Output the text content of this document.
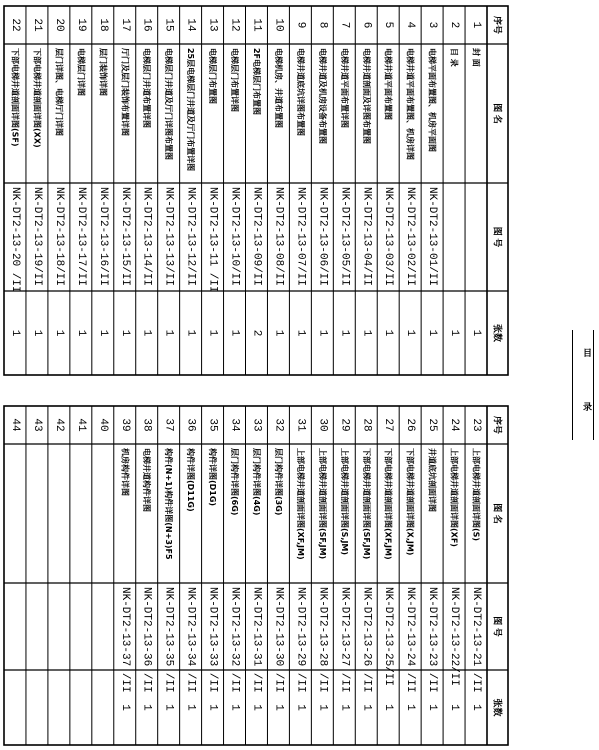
序号
图 名
图 号
张数
1
封 面
1
2
目 录
1
3
电梯平面布置图、机房平面图
NK-DT2-13-01/II
1
4
电梯井道平面布置图、机房详图
NK-DT2-13-02/II
1
5
电梯井道平面布置图
NK-DT2-13-03/II
1
6
电梯井道剖面及详图布置图
NK-DT2-13-04/II
1
7
电梯井道平面布置详图
NK-DT2-13-05/II
1
8
电梯井道及机房设备布置图
NK-DT2-13-06/II
1
9
电梯井道底坑详图布置图
NK-DT2-13-07/II
1
10
电梯机房、井道布置图
NK-DT2-13-08/II
1
11
2F电梯层门布置图
NK-DT2-13-09/II
2
12
电梯层门布置详图
NK-DT2-13-10/II
1
13
电梯层门布置图
NK-DT2-13-11 /II
1
14
25层电梯层门井道及厅门布置详图
NK-DT2-13-12/II
1
15
电梯层门井道及厅门详图布置图
NK-DT2-13-13/II
1
16
电梯层门井道布置详图
NK-DT2-13-14/II
1
17
厅门及层门装饰布置详图
NK-DT2-13-15/II
1
18
层门装饰详图
NK-DT2-13-16/II
1
19
电梯层门详图
NK-DT2-13-17/II
1
20
层门详图、电梯厅门详图
NK-DT2-13-18/II
1
21
下部电梯井道剖面详图(XX)
NK-DT2-13-19/II
1
22
下部电梯井道剖面详图(SF)
NK-DT2-13-20 /II
1
序号
图 名
图 号
张数
23
上部电梯井道剖面详图(S)
NK-DT2-13-21 /II
1
24
上部电梯井道剖面详图(XF)
NK-DT2-13-22/II
1
25
井道底坑剖面详图
NK-DT2-13-23 /II
1
26
下部电梯井道剖面详图(X,JM)
NK-DT2-13-24 /II
1
27
下部电梯井道剖面详图(XF,JM)
NK-DT2-13-25/II
1
28
下部电梯井道剖面详图(SF,JM)
NK-DT2-13-26 /II
1
29
上部电梯井道剖面详图(S,JM)
NK-DT2-13-27 /II
1
30
上部电梯井道剖面详图(SF,JM)
NK-DT2-13-28 /II
1
31
上部电梯井道剖面详图(XF,JM)
NK-DT2-13-29 /II
1
32
层门构件详图(3G)
NK-DT2-13-30 /II
1
33
层门构件详图(4G)
NK-DT2-13-31 /II
1
34
层门构件详图(6G)
NK-DT2-13-32 /II
1
35
构件详图(D1G)
NK-DT2-13-33 /II
1
36
构件详图(D11G)
NK-DT2-13-34 /II
1
37
构件(N+1)构件详图(N+3)F5
NK-DT2-13-35 /II
1
38
电梯井道构件详图
NK-DT2-13-36 /II
1
39
机房构件详图
NK-DT2-13-37 /II
1
40
41
42
43
44
目
录
